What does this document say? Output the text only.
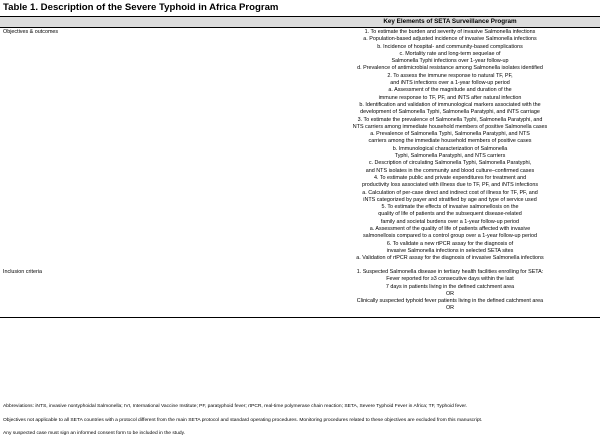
Table 1. Description of the Severe Typhoid in Africa Program
Key Elements of SETA Surveillance Program
Objectives & outcomes	1. To estimate the burden and severity of invasive Salmonella infections
a. Population-based adjusted incidence of invasive Salmonella infections
b. Incidence of hospital- and community-based complications
c. Mortality rate and long-term sequelae of
Salmonella Typhi infections over 1-year follow-up
d. Prevalence of antimicrobial resistance among Salmonella isolates identified
2. To assess the immune response to natural TF, PF,
and iNTS infections over a 1-year follow-up period
a. Assessment of the magnitude and duration of the
immune response to TF, PF, and iNTS after natural infection
b. Identification and validation of immunological markers associated with the
development of Salmonella Typhi, Salmonella Paratyphi, and iNTS carriage
3. To estimate the prevalence of Salmonella Typhi, Salmonella Paratyphi, and
NTS carriers among immediate household members of positive Salmonella cases
a. Prevalence of Salmonella Typhi, Salmonella Paratyphi, and NTS
carriers among the immediate household members of positive cases
b. Immunological characterization of Salmonella
Typhi, Salmonella Paratyphi, and NTS carriers
c. Description of circulating Salmonella Typhi, Salmonella Paratyphi,
and NTS isolates in the community and blood culture–confirmed cases
4. To estimate public and private expenditures for treatment and
productivity loss associated with illness due to TF, PF, and iNTS infections
a. Calculation of per-case direct and indirect cost of illness for TF, PF, and
iNTS categorized by payer and stratified by age and type of service used
5. To estimate the effects of invasive salmonellosis on the
quality of life of patients and the subsequent disease-related
family and societal burdens over a 1-year follow-up period
a. Assessment of the quality of life of patients affected with invasive
salmonellosis compared to a control group over a 1-year follow-up period
6. To validate a new rtPCR assay for the diagnosis of
invasive Salmonella infections in selected SETA sites
a. Validation of rtPCR assay for the diagnosis of invasive Salmonella infections
Inclusion criteria	1. Suspected Salmonella disease in tertiary health facilities enrolling for SETA:
Fever reported for ≥3 consecutive days within the last
7 days in patients living in the defined catchment area
OR
Clinically suspected typhoid fever patients living in the defined catchment area
OR
Abbreviations: iNTS, invasive nontyphoidal Salmonella; IVI, International Vaccine Institute; PF, paratyphoid fever; rtPCR, real-time polymerase chain reaction; SETA, Severe Typhoid Fever in Africa; TF, Typhoid fever.
Objectives not applicable to all SETA countries with a protocol different from the main SETA protocol and standard operating procedures. Monitoring procedures related to these objectives are excluded from this manuscript.
Any suspected case must sign an informed consent form to be included in the study.
